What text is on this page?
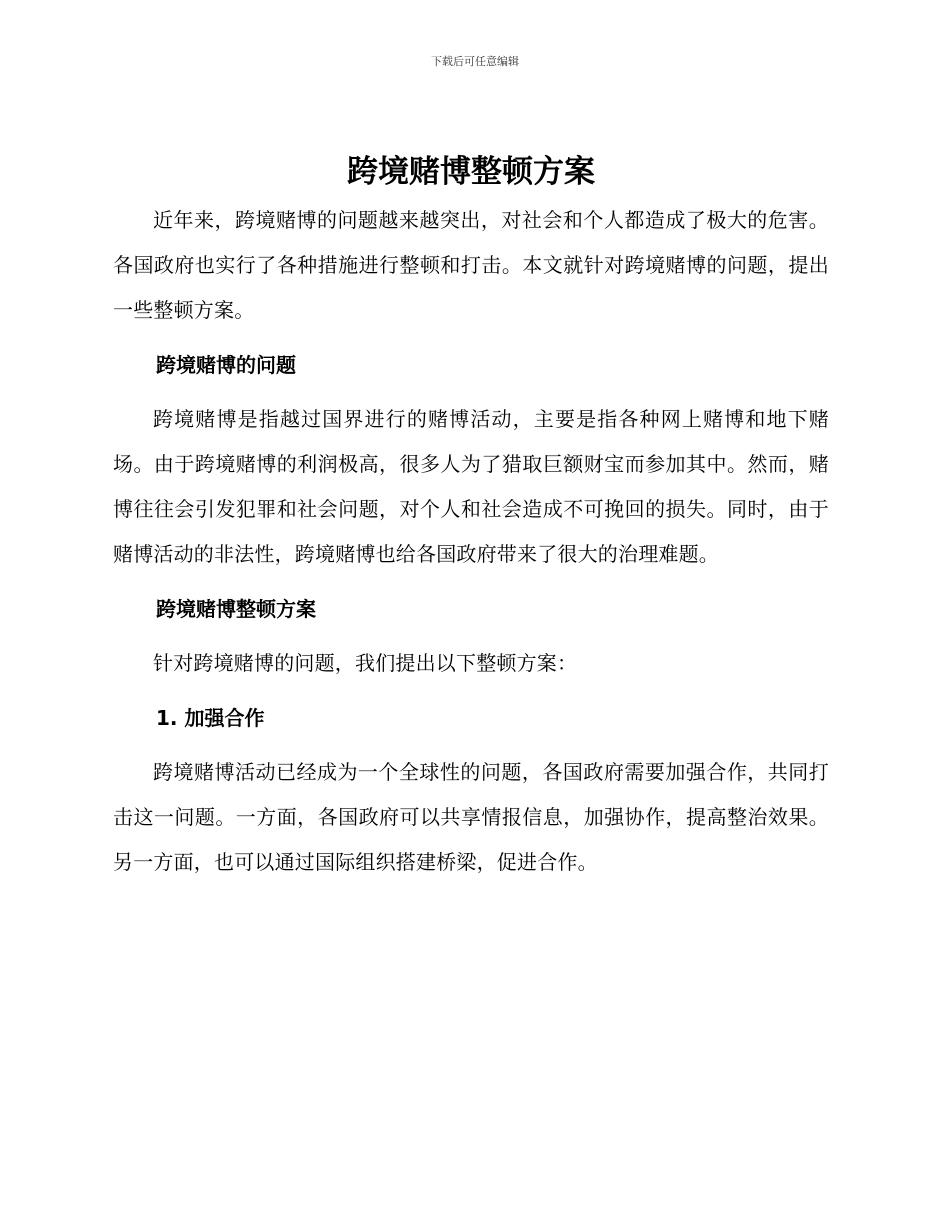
下载后可任意编辑
跨境赌博整顿方案

近年来，跨境赌博的问题越来越突出，对社会和个人都造成了极大的危害。各国政府也实行了各种措施进行整顿和打击。本文就针对跨境赌博的问题，提出一些整顿方案。

跨境赌博的问题

跨境赌博是指越过国界进行的赌博活动，主要是指各种网上赌博和地下赌场。由于跨境赌博的利润极高，很多人为了猎取巨额财宝而参加其中。然而，赌博往往会引发犯罪和社会问题，对个人和社会造成不可挽回的损失。同时，由于赌博活动的非法性，跨境赌博也给各国政府带来了很大的治理难题。

跨境赌博整顿方案

针对跨境赌博的问题，我们提出以下整顿方案：

1. 加强合作

跨境赌博活动已经成为一个全球性的问题，各国政府需要加强合作，共同打击这一问题。一方面，各国政府可以共享情报信息，加强协作，提高整治效果。另一方面，也可以通过国际组织搭建桥梁，促进合作。
